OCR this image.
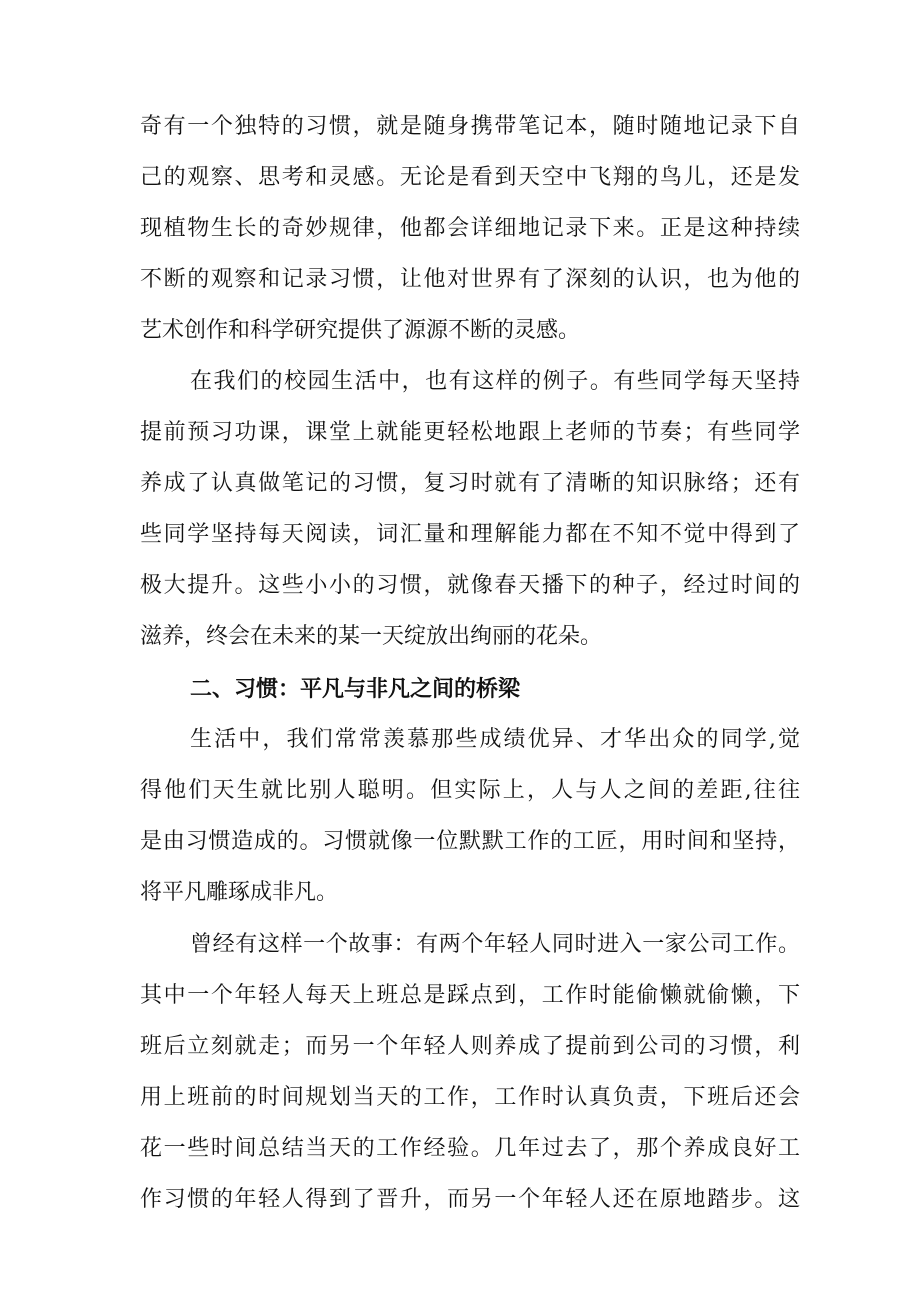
奇有一个独特的习惯，就是随身携带笔记本，随时随地记录下自
己的观察、思考和灵感。无论是看到天空中飞翔的鸟儿，还是发
现植物生长的奇妙规律，他都会详细地记录下来。正是这种持续
不断的观察和记录习惯，让他对世界有了深刻的认识，也为他的
艺术创作和科学研究提供了源源不断的灵感。
在我们的校园生活中，也有这样的例子。有些同学每天坚持
提前预习功课，课堂上就能更轻松地跟上老师的节奏；有些同学
养成了认真做笔记的习惯，复习时就有了清晰的知识脉络；还有
些同学坚持每天阅读，词汇量和理解能力都在不知不觉中得到了
极大提升。这些小小的习惯，就像春天播下的种子，经过时间的
滋养，终会在未来的某一天绽放出绚丽的花朵。
二、习惯：平凡与非凡之间的桥梁
生活中，我们常常羡慕那些成绩优异、才华出众的同学,觉
得他们天生就比别人聪明。但实际上，人与人之间的差距,往往
是由习惯造成的。习惯就像一位默默工作的工匠，用时间和坚持，
将平凡雕琢成非凡。
曾经有这样一个故事：有两个年轻人同时进入一家公司工作。
其中一个年轻人每天上班总是踩点到，工作时能偷懒就偷懒，下
班后立刻就走；而另一个年轻人则养成了提前到公司的习惯，利
用上班前的时间规划当天的工作，工作时认真负责，下班后还会
花一些时间总结当天的工作经验。几年过去了，那个养成良好工
作习惯的年轻人得到了晋升，而另一个年轻人还在原地踏步。这
